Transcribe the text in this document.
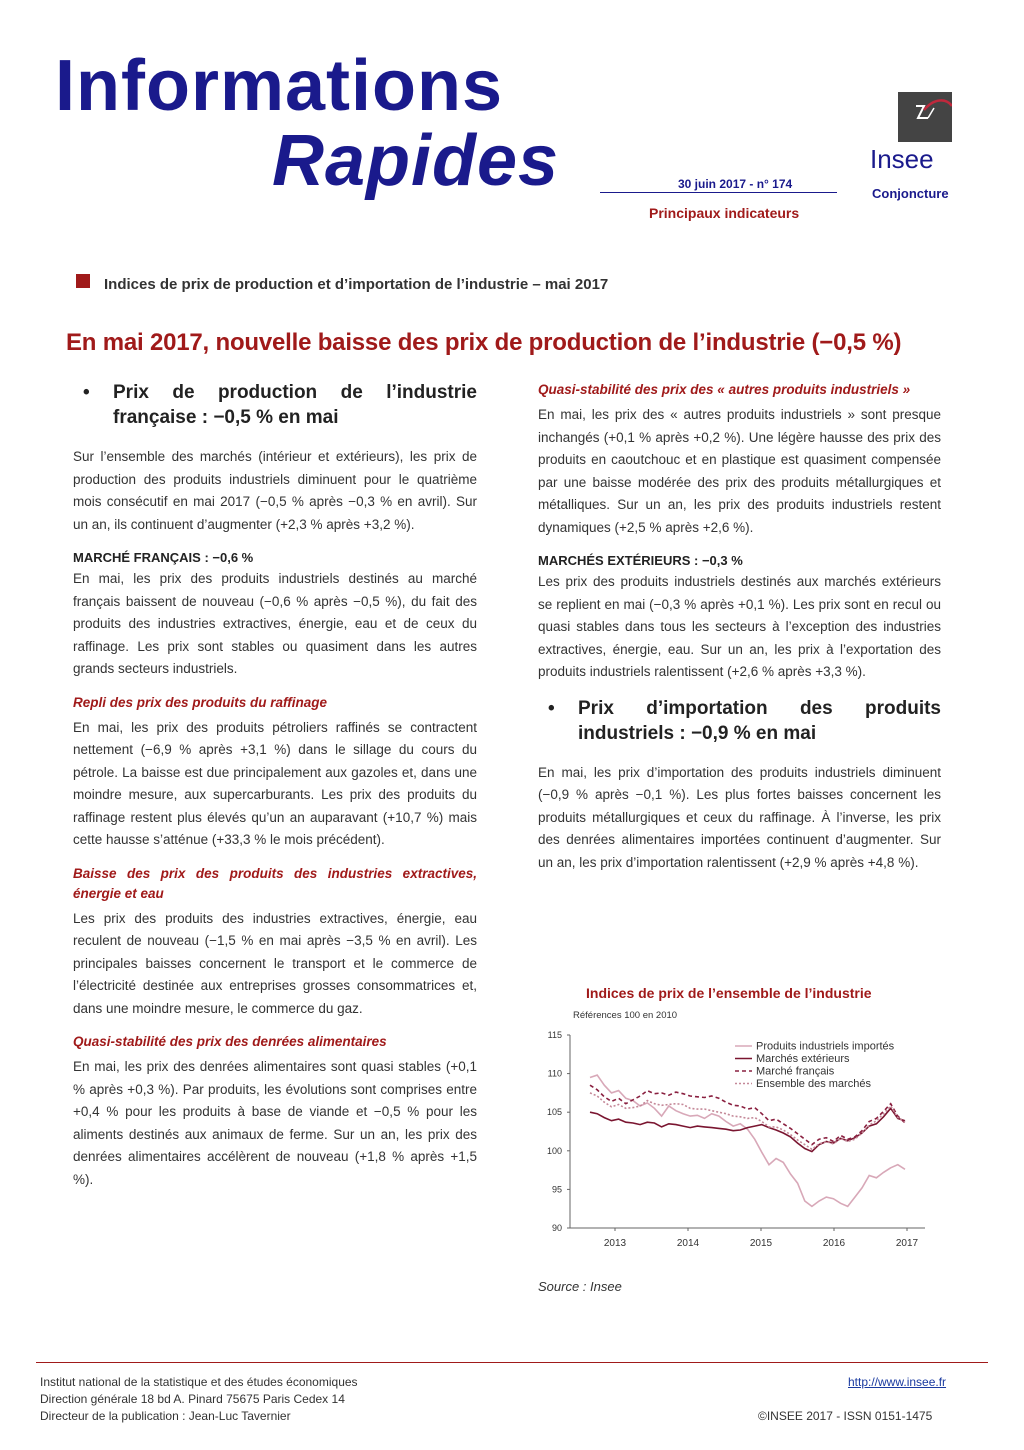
Informations
Rapides	30 juin 2017 - n° 174
Principaux indicateurs
Insee
Conjoncture
Indices de prix de production et d’importation de l’industrie – mai 2017
En mai 2017, nouvelle baisse des prix de production de l’industrie (−0,5 %)
•	Prix de production de l’industrie française : −0,5 % en mai

Sur l’ensemble des marchés (intérieur et extérieurs), les prix de production des produits industriels diminuent pour le quatrième mois consécutif en mai 2017 (−0,5 % après −0,3 % en avril). Sur un an, ils continuent d’augmenter (+2,3 % après +3,2 %).

MARCHÉ FRANÇAIS : −0,6 %

En mai, les prix des produits industriels destinés au marché français baissent de nouveau (−0,6 % après −0,5 %), du fait des produits des industries extractives, énergie, eau et de ceux du raffinage. Les prix sont stables ou quasiment dans les autres grands secteurs industriels.

Repli des prix des produits du raffinage

En mai, les prix des produits pétroliers raffinés se contractent nettement (−6,9 % après +3,1 %) dans le sillage du cours du pétrole. La baisse est due principalement aux gazoles et, dans une moindre mesure, aux supercarburants. Les prix des produits du raffinage restent plus élevés qu’un an auparavant (+10,7 %) mais cette hausse s’atténue (+33,3 % le mois précédent).

Baisse des prix des produits des industries extractives, énergie et eau

Les prix des produits des industries extractives, énergie, eau reculent de nouveau (−1,5 % en mai après −3,5 % en avril). Les principales baisses concernent le transport et le commerce de l’électricité destinée aux entreprises grosses consommatrices et, dans une moindre mesure, le commerce du gaz.

Quasi-stabilité des prix des denrées alimentaires

En mai, les prix des denrées alimentaires sont quasi stables (+0,1 % après +0,3 %). Par produits, les évolutions sont comprises entre +0,4 % pour les produits à base de viande et −0,5 % pour les aliments destinés aux animaux de ferme. Sur un an, les prix des denrées alimentaires accélèrent de nouveau (+1,8 % après +1,5 %).

Quasi-stabilité des prix des « autres produits industriels »

En mai, les prix des « autres produits industriels » sont presque inchangés (+0,1 % après +0,2 %). Une légère hausse des prix des produits en caoutchouc et en plastique est quasiment compensée par une baisse modérée des prix des produits métallurgiques et métalliques. Sur un an, les prix des produits industriels restent dynamiques (+2,5 % après +2,6 %).

MARCHÉS EXTÉRIEURS : −0,3 %

Les prix des produits industriels destinés aux marchés extérieurs se replient en mai (−0,3 % après +0,1 %). Les prix sont en recul ou quasi stables dans tous les secteurs à l’exception des industries extractives, énergie, eau. Sur un an, les prix à l’exportation des produits industriels ralentissent (+2,6 % après +3,3 %).

•	Prix d’importation des produits industriels : −0,9 % en mai

En mai, les prix d’importation des produits industriels diminuent (−0,9 % après −0,1 %). Les plus fortes baisses concernent les produits métallurgiques et ceux du raffinage. À l’inverse, les prix des denrées alimentaires importées continuent d’augmenter. Sur un an, les prix d’importation ralentissent (+2,9 % après +4,8 %).

Indices de prix de l’ensemble de l’industrie
Références 100 en 2010
115
110
105
100
95
90
2013	2014	2015	2016	2017
Produits industriels importés
Marchés extérieurs
Marché français
Ensemble des marchés
Source : Insee
Institut national de la statistique et des études économiques
Direction générale 18 bd A. Pinard 75675 Paris Cedex 14
Directeur de la publication : Jean-Luc Tavernier
http://www.insee.fr
©INSEE 2017 - ISSN 0151-1475
